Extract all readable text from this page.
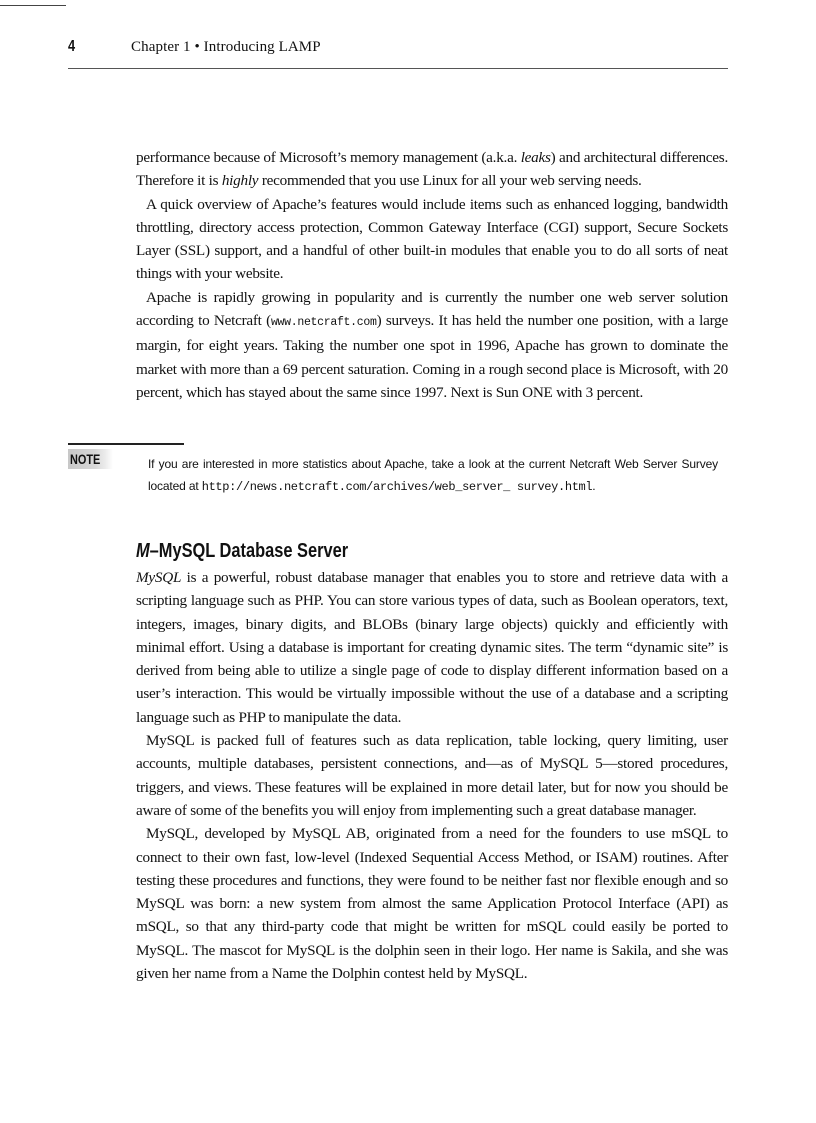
4	Chapter 1 • Introducing LAMP

performance because of Microsoft’s memory management (a.k.a. leaks) and architectural differences. Therefore it is highly recommended that you use Linux for all your web serving needs.

A quick overview of Apache’s features would include items such as enhanced logging, bandwidth throttling, directory access protection, Common Gateway Interface (CGI) support, Secure Sockets Layer (SSL) support, and a handful of other built-in modules that enable you to do all sorts of neat things with your website.

Apache is rapidly growing in popularity and is currently the number one web server solution according to Netcraft (www.netcraft.com) surveys. It has held the number one position, with a large margin, for eight years. Taking the number one spot in 1996, Apache has grown to dominate the market with more than a 69 percent saturation. Coming in a rough second place is Microsoft, with 20 percent, which has stayed about the same since 1997. Next is Sun ONE with 3 percent.

NOTE	If you are interested in more statistics about Apache, take a look at the current Netcraft Web Server Survey located at http://news.netcraft.com/archives/web_server_ survey.html.

M–MySQL Database Server

MySQL is a powerful, robust database manager that enables you to store and retrieve data with a scripting language such as PHP. You can store various types of data, such as Boolean operators, text, integers, images, binary digits, and BLOBs (binary large objects) quickly and efficiently with minimal effort. Using a database is important for creating dynamic sites. The term “dynamic site” is derived from being able to utilize a single page of code to display different information based on a user’s interaction. This would be virtually impossible without the use of a database and a scripting language such as PHP to manipulate the data.

MySQL is packed full of features such as data replication, table locking, query limiting, user accounts, multiple databases, persistent connections, and—as of MySQL 5—stored procedures, triggers, and views. These features will be explained in more detail later, but for now you should be aware of some of the benefits you will enjoy from implementing such a great database manager.

MySQL, developed by MySQL AB, originated from a need for the founders to use mSQL to connect to their own fast, low-level (Indexed Sequential Access Method, or ISAM) routines. After testing these procedures and functions, they were found to be neither fast nor flexible enough and so MySQL was born: a new system from almost the same Application Protocol Interface (API) as mSQL, so that any third-party code that might be written for mSQL could easily be ported to MySQL. The mascot for MySQL is the dolphin seen in their logo. Her name is Sakila, and she was given her name from a Name the Dolphin contest held by MySQL.
